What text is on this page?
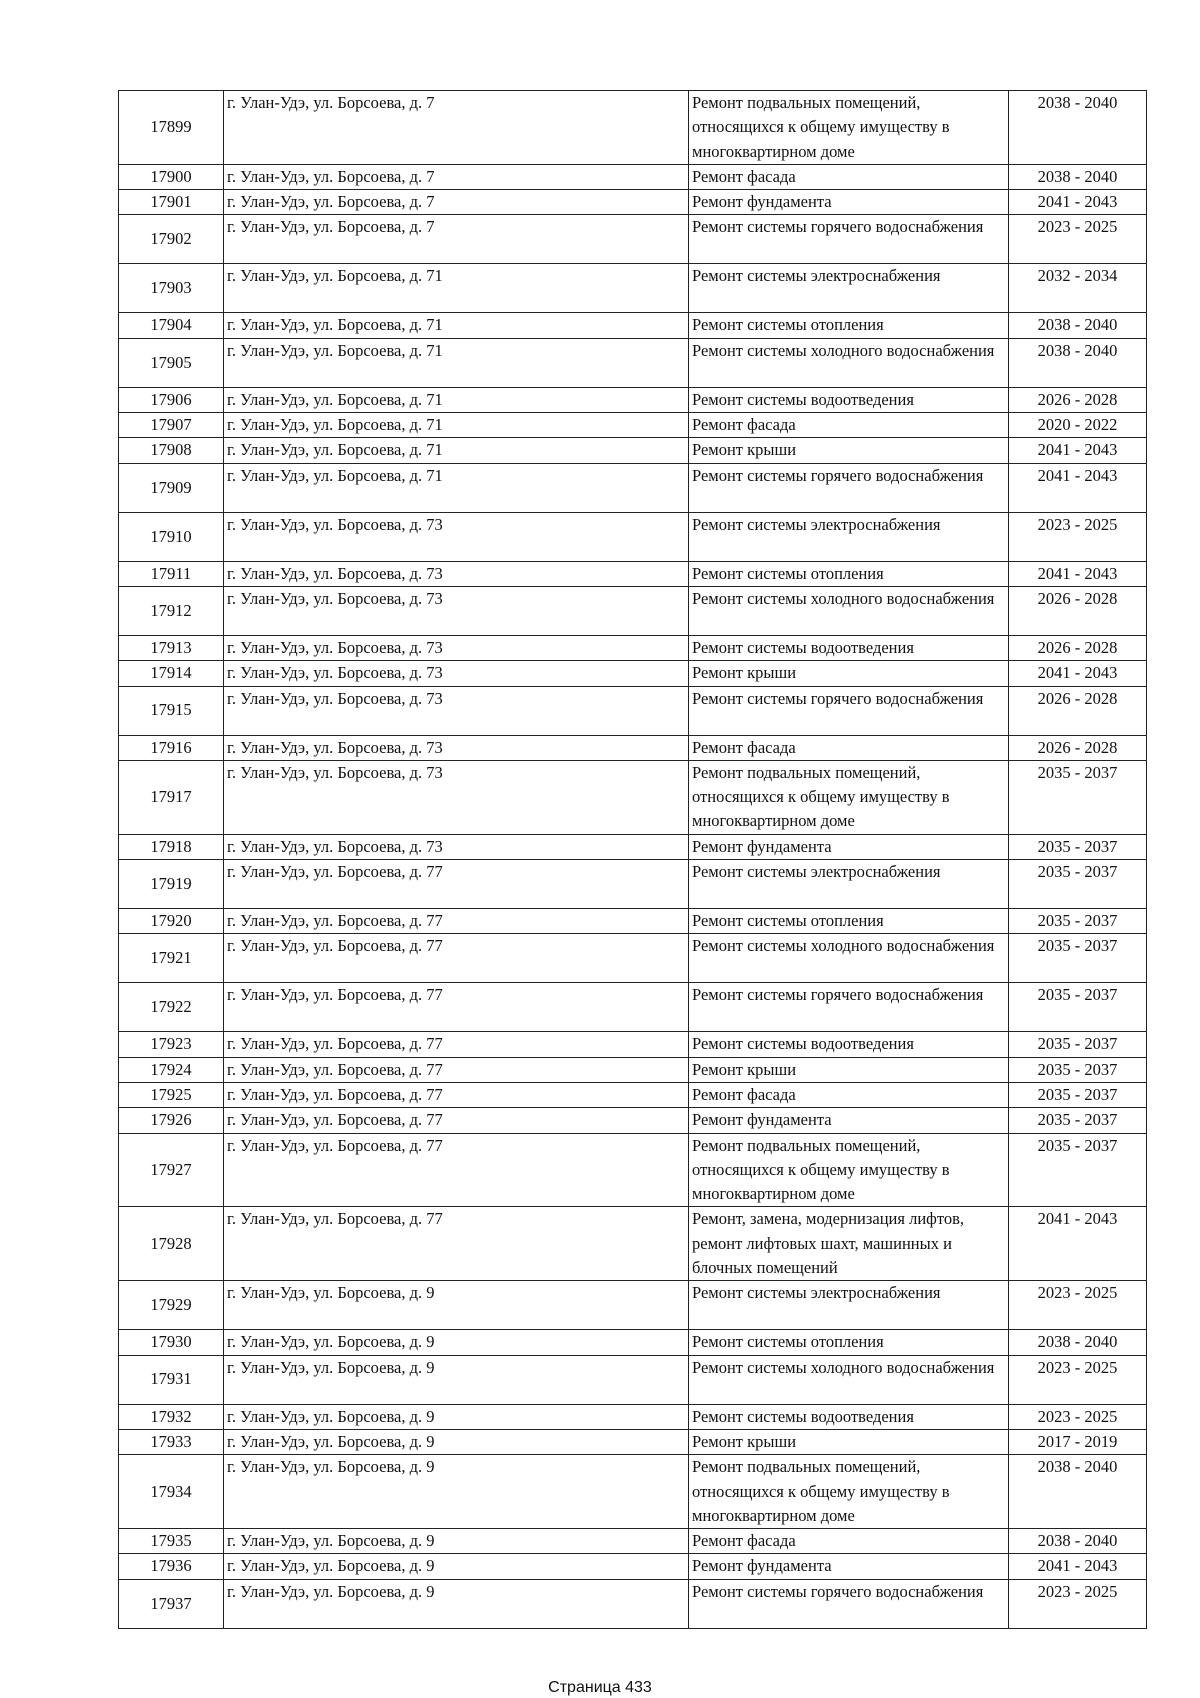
17899	г. Улан-Удэ, ул. Борсоева, д. 7	Ремонт подвальных помещений, относящихся к общему имуществу в многоквартирном доме	2038 - 2040
17900	г. Улан-Удэ, ул. Борсоева, д. 7	Ремонт фасада	2038 - 2040
17901	г. Улан-Удэ, ул. Борсоева, д. 7	Ремонт фундамента	2041 - 2043
17902	г. Улан-Удэ, ул. Борсоева, д. 7	Ремонт системы горячего водоснабжения	2023 - 2025
17903	г. Улан-Удэ, ул. Борсоева, д. 71	Ремонт системы электроснабжения	2032 - 2034
17904	г. Улан-Удэ, ул. Борсоева, д. 71	Ремонт системы отопления	2038 - 2040
17905	г. Улан-Удэ, ул. Борсоева, д. 71	Ремонт системы холодного водоснабжения	2038 - 2040
17906	г. Улан-Удэ, ул. Борсоева, д. 71	Ремонт системы водоотведения	2026 - 2028
17907	г. Улан-Удэ, ул. Борсоева, д. 71	Ремонт фасада	2020 - 2022
17908	г. Улан-Удэ, ул. Борсоева, д. 71	Ремонт крыши	2041 - 2043
17909	г. Улан-Удэ, ул. Борсоева, д. 71	Ремонт системы горячего водоснабжения	2041 - 2043
17910	г. Улан-Удэ, ул. Борсоева, д. 73	Ремонт системы электроснабжения	2023 - 2025
17911	г. Улан-Удэ, ул. Борсоева, д. 73	Ремонт системы отопления	2041 - 2043
17912	г. Улан-Удэ, ул. Борсоева, д. 73	Ремонт системы холодного водоснабжения	2026 - 2028
17913	г. Улан-Удэ, ул. Борсоева, д. 73	Ремонт системы водоотведения	2026 - 2028
17914	г. Улан-Удэ, ул. Борсоева, д. 73	Ремонт крыши	2041 - 2043
17915	г. Улан-Удэ, ул. Борсоева, д. 73	Ремонт системы горячего водоснабжения	2026 - 2028
17916	г. Улан-Удэ, ул. Борсоева, д. 73	Ремонт фасада	2026 - 2028
17917	г. Улан-Удэ, ул. Борсоева, д. 73	Ремонт подвальных помещений, относящихся к общему имуществу в многоквартирном доме	2035 - 2037
17918	г. Улан-Удэ, ул. Борсоева, д. 73	Ремонт фундамента	2035 - 2037
17919	г. Улан-Удэ, ул. Борсоева, д. 77	Ремонт системы электроснабжения	2035 - 2037
17920	г. Улан-Удэ, ул. Борсоева, д. 77	Ремонт системы отопления	2035 - 2037
17921	г. Улан-Удэ, ул. Борсоева, д. 77	Ремонт системы холодного водоснабжения	2035 - 2037
17922	г. Улан-Удэ, ул. Борсоева, д. 77	Ремонт системы горячего водоснабжения	2035 - 2037
17923	г. Улан-Удэ, ул. Борсоева, д. 77	Ремонт системы водоотведения	2035 - 2037
17924	г. Улан-Удэ, ул. Борсоева, д. 77	Ремонт крыши	2035 - 2037
17925	г. Улан-Удэ, ул. Борсоева, д. 77	Ремонт фасада	2035 - 2037
17926	г. Улан-Удэ, ул. Борсоева, д. 77	Ремонт фундамента	2035 - 2037
17927	г. Улан-Удэ, ул. Борсоева, д. 77	Ремонт подвальных помещений, относящихся к общему имуществу в многоквартирном доме	2035 - 2037
17928	г. Улан-Удэ, ул. Борсоева, д. 77	Ремонт, замена, модернизация лифтов, ремонт лифтовых шахт, машинных и блочных помещений	2041 - 2043
17929	г. Улан-Удэ, ул. Борсоева, д. 9	Ремонт системы электроснабжения	2023 - 2025
17930	г. Улан-Удэ, ул. Борсоева, д. 9	Ремонт системы отопления	2038 - 2040
17931	г. Улан-Удэ, ул. Борсоева, д. 9	Ремонт системы холодного водоснабжения	2023 - 2025
17932	г. Улан-Удэ, ул. Борсоева, д. 9	Ремонт системы водоотведения	2023 - 2025
17933	г. Улан-Удэ, ул. Борсоева, д. 9	Ремонт крыши	2017 - 2019
17934	г. Улан-Удэ, ул. Борсоева, д. 9	Ремонт подвальных помещений, относящихся к общему имуществу в многоквартирном доме	2038 - 2040
17935	г. Улан-Удэ, ул. Борсоева, д. 9	Ремонт фасада	2038 - 2040
17936	г. Улан-Удэ, ул. Борсоева, д. 9	Ремонт фундамента	2041 - 2043
17937	г. Улан-Удэ, ул. Борсоева, д. 9	Ремонт системы горячего водоснабжения	2023 - 2025
Страница 433
